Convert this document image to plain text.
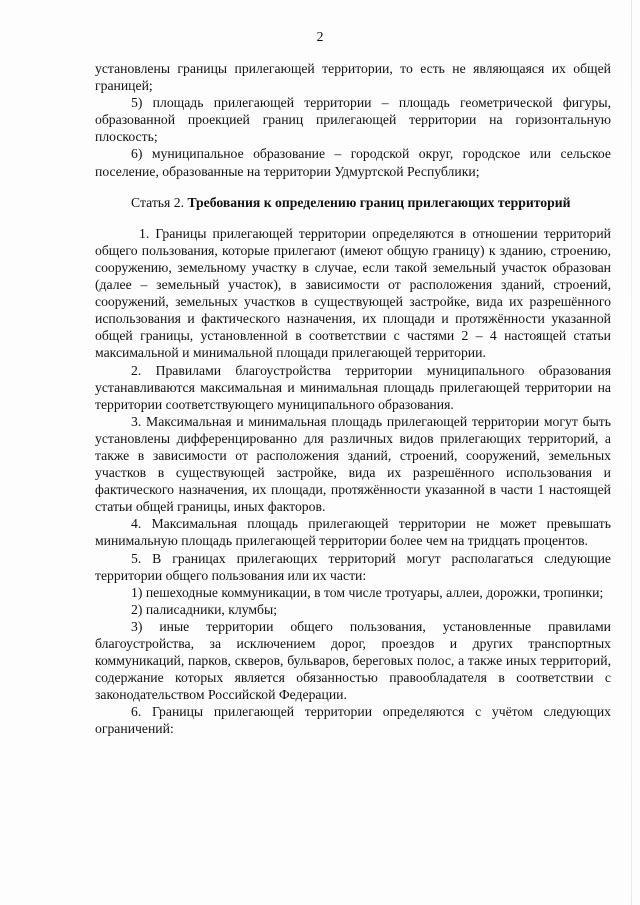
2

установлены границы прилегающей территории, то есть не являющаяся их общей границей;

5) площадь прилегающей территории – площадь геометрической фигуры, образованной проекцией границ прилегающей территории на горизонтальную плоскость;

6) муниципальное образование – городской округ, городское или сельское поселение, образованные на территории Удмуртской Республики;

Статья 2. Требования к определению границ прилегающих территорий

1. Границы прилегающей территории определяются в отношении территорий общего пользования, которые прилегают (имеют общую границу) к зданию, строению, сооружению, земельному участку в случае, если такой земельный участок образован (далее – земельный участок), в зависимости от расположения зданий, строений, сооружений, земельных участков в существующей застройке, вида их разрешённого использования и фактического назначения, их площади и протяжённости указанной общей границы, установленной в соответствии с частями 2 – 4 настоящей статьи максимальной и минимальной площади прилегающей территории.

2. Правилами благоустройства территории муниципального образования устанавливаются максимальная и минимальная площадь прилегающей территории на территории соответствующего муниципального образования.

3. Максимальная и минимальная площадь прилегающей территории могут быть установлены дифференцированно для различных видов прилегающих территорий, а также в зависимости от расположения зданий, строений, сооружений, земельных участков в существующей застройке, вида их разрешённого использования и фактического назначения, их площади, протяжённости указанной в части 1 настоящей статьи общей границы, иных факторов.

4. Максимальная площадь прилегающей территории не может превышать минимальную площадь прилегающей территории более чем на тридцать процентов.

5. В границах прилегающих территорий могут располагаться следующие территории общего пользования или их части:

1) пешеходные коммуникации, в том числе тротуары, аллеи, дорожки, тропинки;

2) палисадники, клумбы;

3) иные территории общего пользования, установленные правилами благоустройства, за исключением дорог, проездов и других транспортных коммуникаций, парков, скверов, бульваров, береговых полос, а также иных территорий, содержание которых является обязанностью правообладателя в соответствии с законодательством Российской Федерации.

6. Границы прилегающей территории определяются с учётом следующих ограничений:
